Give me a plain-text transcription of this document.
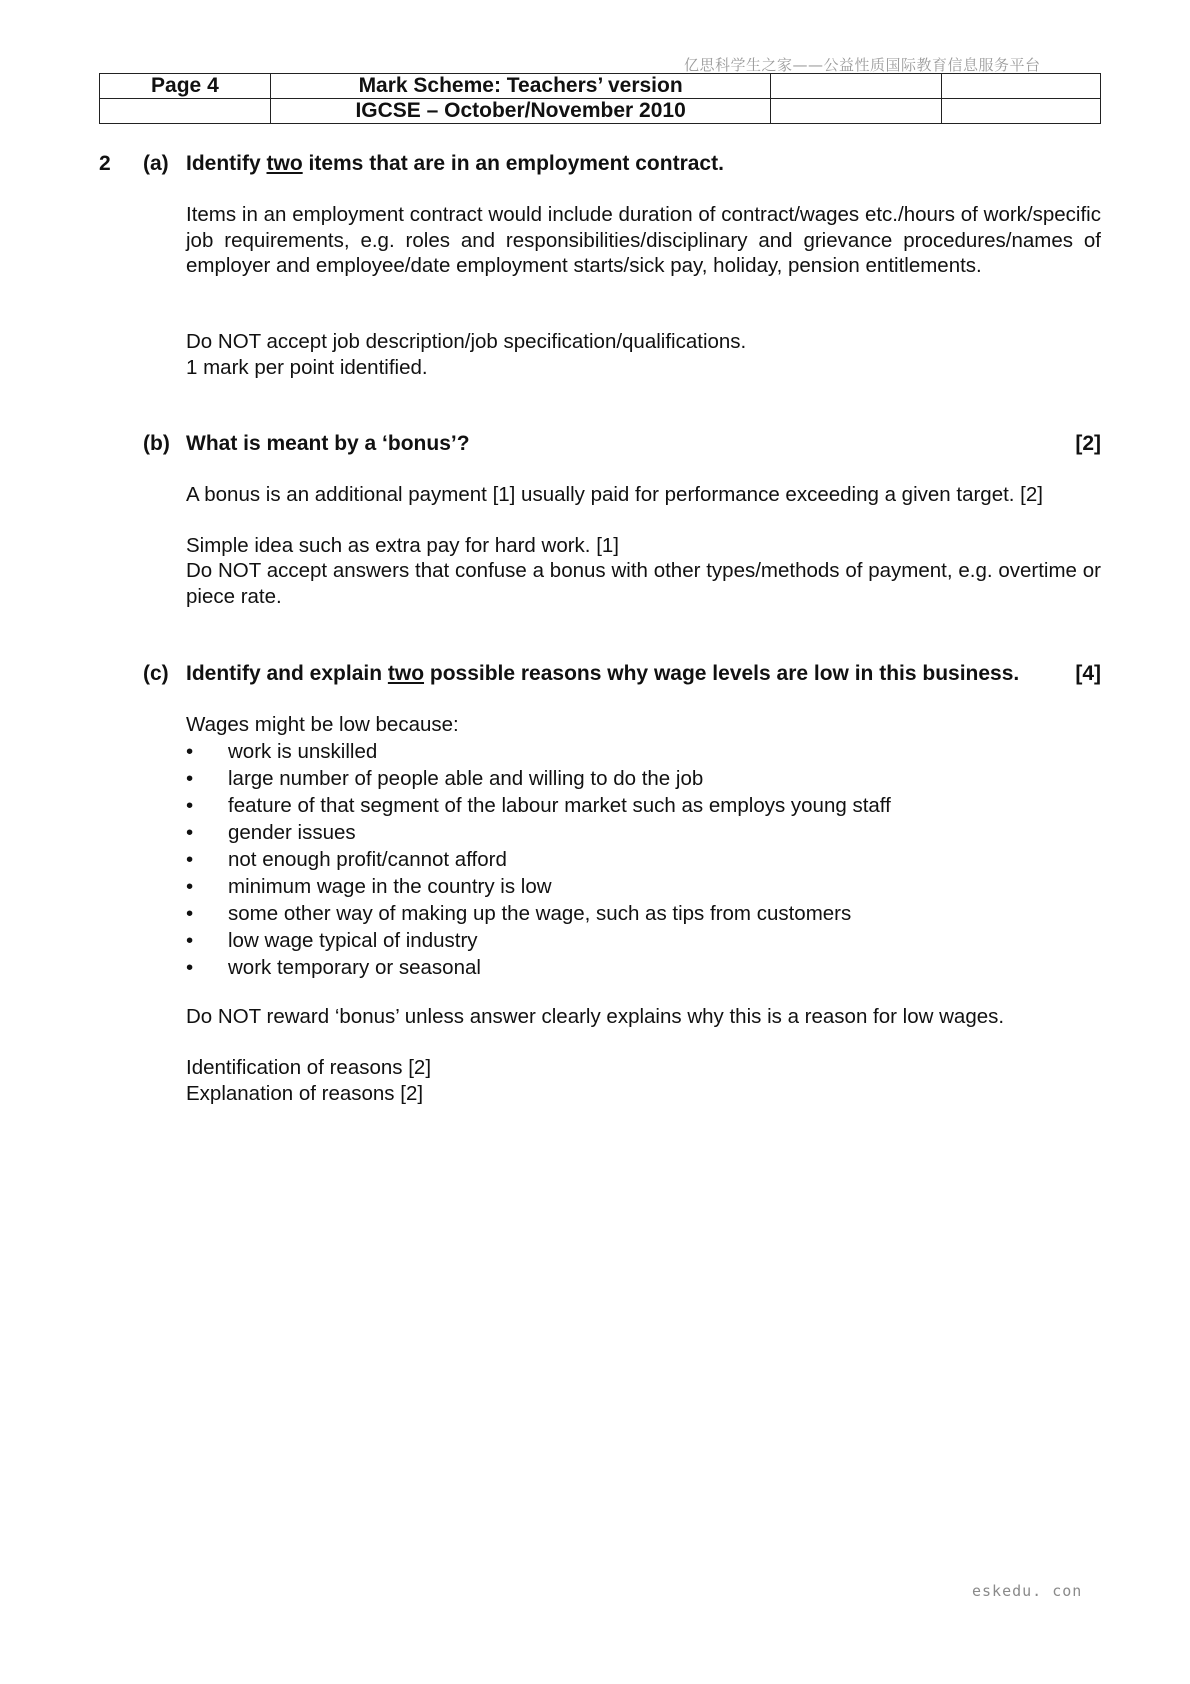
亿思科学生之家——公益性质国际教育信息服务平台
Page 4	Mark Scheme: Teachers’ version		
	IGCSE – October/November 2010		
2 (a) Identify two items that are in an employment contract.
Items in an employment contract would include duration of contract/wages etc./hours of work/specific job requirements, e.g. roles and responsibilities/disciplinary and grievance procedures/names of employer and employee/date employment starts/sick pay, holiday, pension entitlements.
Do NOT accept job description/job specification/qualifications.
1 mark per point identified.
(b) What is meant by a ‘bonus’?	[2]
A bonus is an additional payment [1] usually paid for performance exceeding a given target. [2]
Simple idea such as extra pay for hard work. [1]
Do NOT accept answers that confuse a bonus with other types/methods of payment, e.g. overtime or piece rate.
(c) Identify and explain two possible reasons why wage levels are low in this business.	[4]
Wages might be low because:
• work is unskilled
• large number of people able and willing to do the job
• feature of that segment of the labour market such as employs young staff
• gender issues
• not enough profit/cannot afford
• minimum wage in the country is low
• some other way of making up the wage, such as tips from customers
• low wage typical of industry
• work temporary or seasonal
Do NOT reward ‘bonus’ unless answer clearly explains why this is a reason for low wages.
Identification of reasons [2]
Explanation of reasons [2]
eskedu. con
